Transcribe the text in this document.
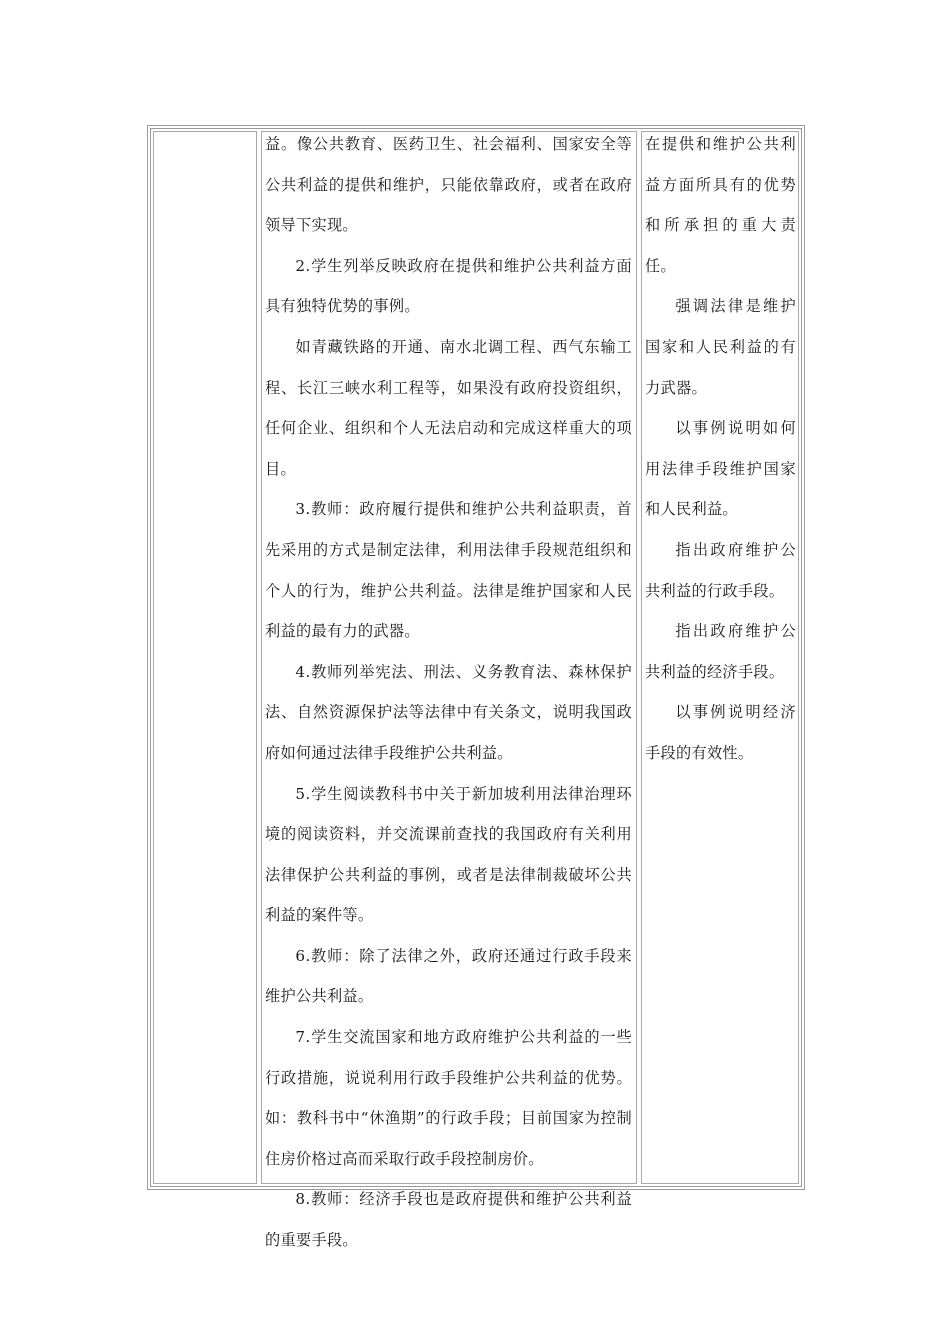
益。像公共教育、医药卫生、社会福利、国家安全等公共利益的提供和维护，只能依靠政府，或者在政府领导下实现。

2.学生列举反映政府在提供和维护公共利益方面具有独特优势的事例。

如青藏铁路的开通、南水北调工程、西气东输工程、长江三峡水利工程等，如果没有政府投资组织，任何企业、组织和个人无法启动和完成这样重大的项目。

3.教师：政府履行提供和维护公共利益职责，首先采用的方式是制定法律，利用法律手段规范组织和个人的行为，维护公共利益。法律是维护国家和人民利益的最有力的武器。

4.教师列举宪法、刑法、义务教育法、森林保护法、自然资源保护法等法律中有关条文，说明我国政府如何通过法律手段维护公共利益。

5.学生阅读教科书中关于新加坡利用法律治理环境的阅读资料，并交流课前查找的我国政府有关利用法律保护公共利益的事例，或者是法律制裁破坏公共利益的案件等。

6.教师：除了法律之外，政府还通过行政手段来维护公共利益。

7.学生交流国家和地方政府维护公共利益的一些行政措施，说说利用行政手段维护公共利益的优势。如：教科书中“休渔期”的行政手段；目前国家为控制住房价格过高而采取行政手段控制房价。

8.教师：经济手段也是政府提供和维护公共利益的重要手段。

在提供和维护公共利益方面所具有的优势和所承担的重大责任。

强调法律是维护国家和人民利益的有力武器。

以事例说明如何用法律手段维护国家和人民利益。

指出政府维护公共利益的行政手段。

指出政府维护公共利益的经济手段。

以事例说明经济手段的有效性。
